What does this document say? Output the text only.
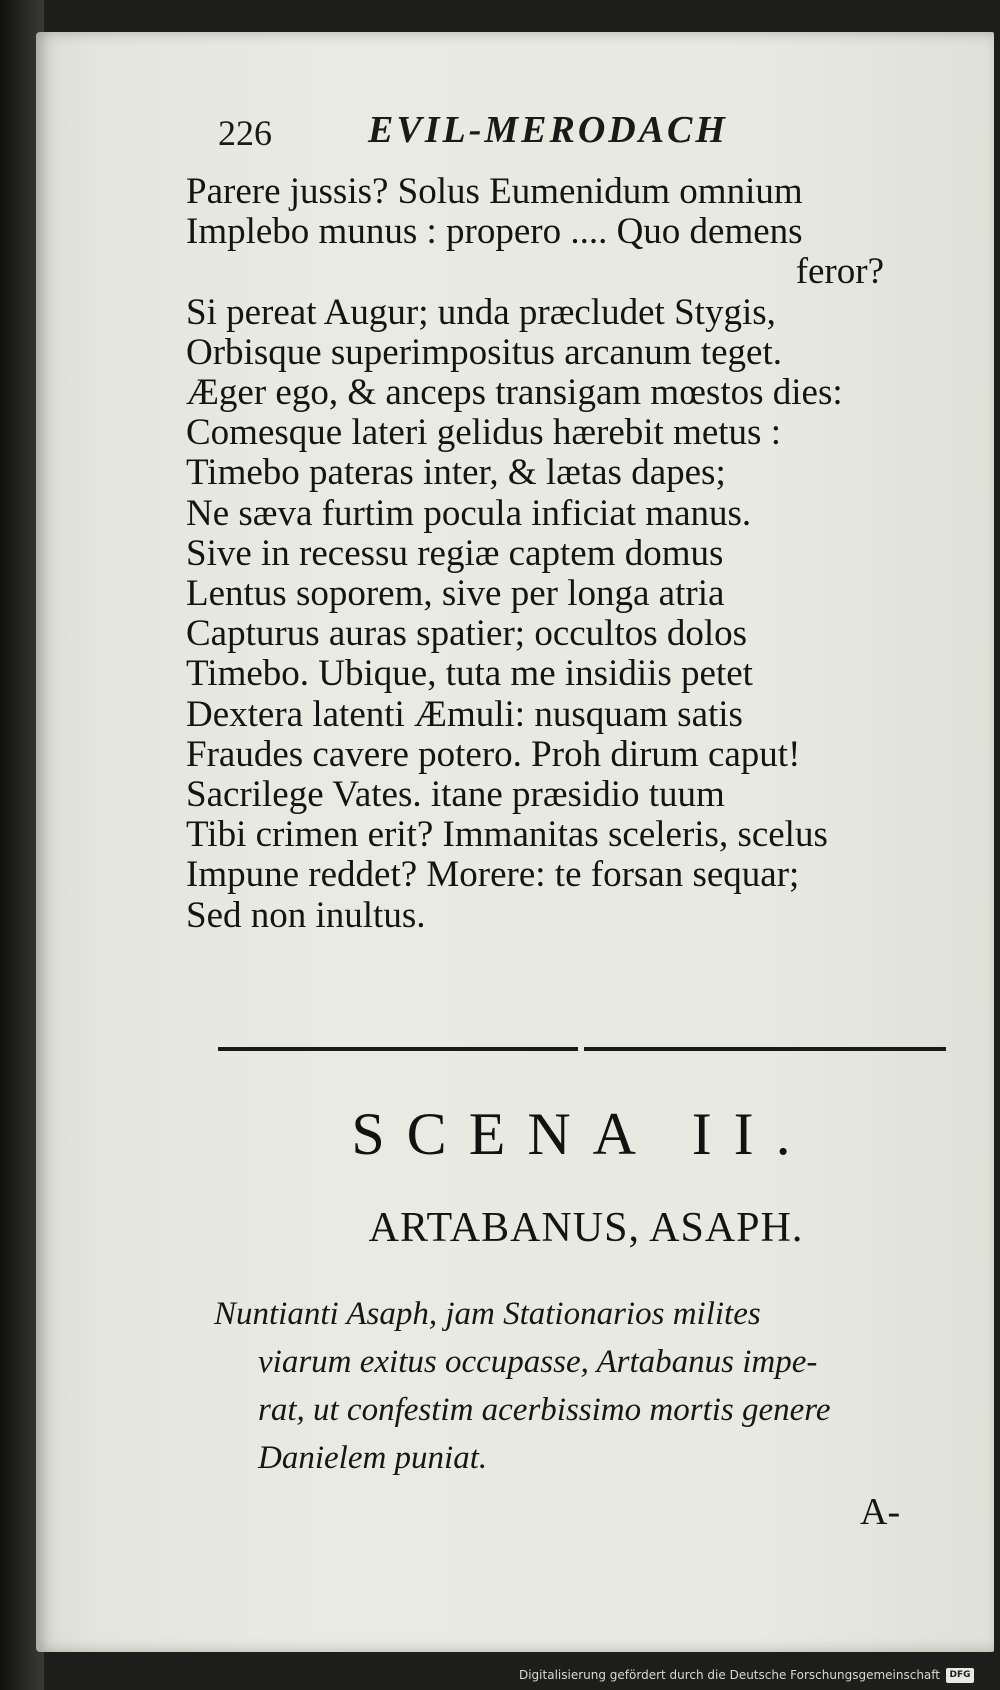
226	EVIL-MERODACH
Parere jussis? Solus Eumenidum omnium
Implebo munus : propero .... Quo demens
feror?
Si pereat Augur; unda præcludet Stygis,
Orbisque superimpositus arcanum teget.
Æger ego, & anceps transigam mœstos dies:
Comesque lateri gelidus hærebit metus :
Timebo pateras inter, & lætas dapes;
Ne sæva furtim pocula inficiat manus.
Sive in recessu regiæ captem domus
Lentus soporem, sive per longa atria
Capturus auras spatier; occultos dolos
Timebo. Ubique, tuta me insidiis petet
Dextera latenti Æmuli: nusquam satis
Fraudes cavere potero. Proh dirum caput!
Sacrilege Vates. itane præsidio tuum
Tibi crimen erit? Immanitas sceleris, scelus
Impune reddet? Morere: te forsan sequar;
Sed non inultus.
SCENA II.
ARTABANUS, ASAPH.
Nuntianti Asaph, jam Stationarios milites
viarum exitus occupasse, Artabanus impe-
rat, ut confestim acerbissimo mortis genere
Danielem puniat.
A-
Digitalisierung gefördert durch die Deutsche Forschungsgemeinschaft	DFG
